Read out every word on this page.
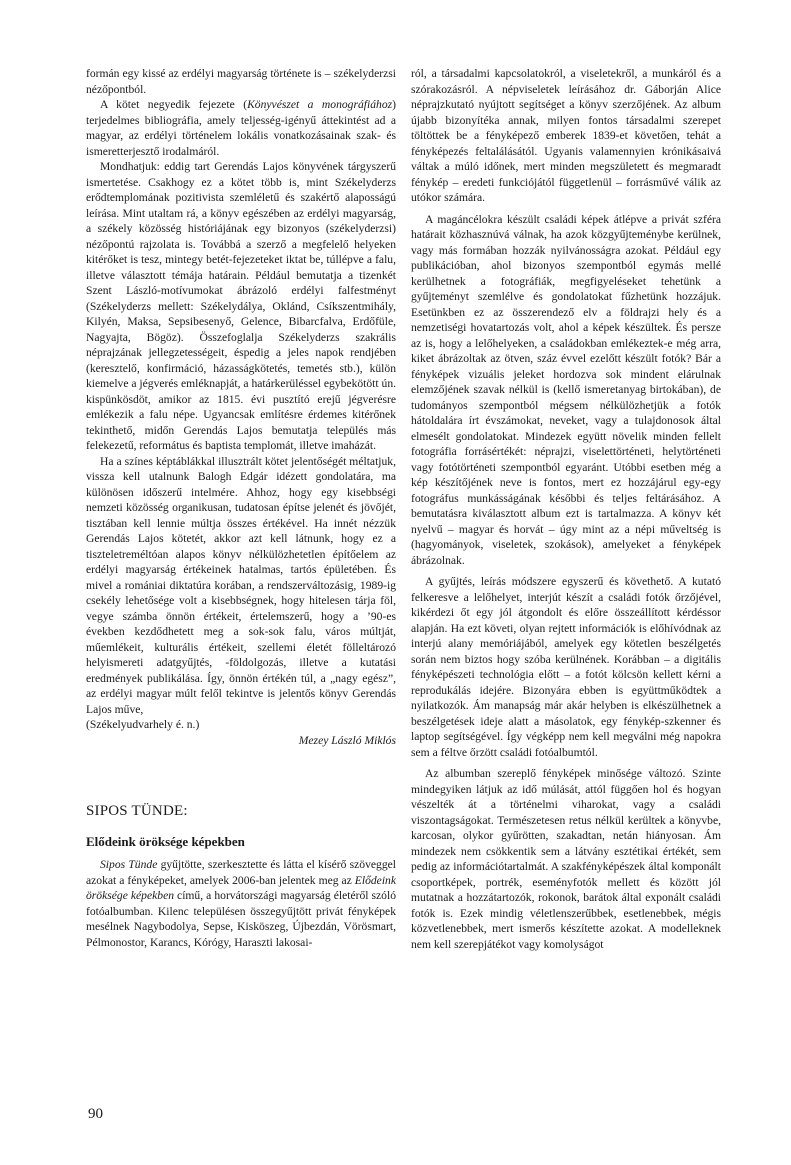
formán egy kissé az erdélyi magyarság története is – székelyderzsi nézőpontból.

A kötet negyedik fejezete (Könyvészet a monográfiához) terjedelmes bibliográfia, amely teljesség-igényű áttekintést ad a magyar, az erdélyi történelem lokális vonatkozásainak szak- és ismeretterjesztő irodalmáról.

Mondhatjuk: eddig tart Gerendás Lajos könyvének tárgyszerű ismertetése. Csakhogy ez a kötet több is, mint Székelyderzs erődtemplomának pozitivista szemléletű és szakértő alaposságú leírása. Mint utaltam rá, a könyv egészében az erdélyi magyarság, a székely közösség históriájának egy bizonyos (székelyderzsi) nézőpontú rajzolata is. Továbbá a szerző a megfelelő helyeken kitérőket is tesz, mintegy betét-fejezeteket iktat be, túllépve a falu, illetve választott témája határain. Például bemutatja a tizenkét Szent László-motívumokat ábrázoló erdélyi falfestményt (Székelyderzs mellett: Székelydálya, Oklánd, Csíkszentmihály, Kilyén, Maksa, Sepsibesenyő, Gelence, Bibarcfalva, Erdőfüle, Nagyajta, Bögöz). Összefoglalja Székelyderzs szakrális néprajzának jellegzetességeit, éspedig a jeles napok rendjében (keresztelő, konfirmáció, házasságkötetés, temetés stb.), külön kiemelve a jégverés emléknapját, a határkerüléssel egybekötött ún. kispünkösdöt, amikor az 1815. évi pusztító erejű jégverésre emlékezik a falu népe. Ugyancsak említésre érdemes kitérőnek tekinthető, midőn Gerendás Lajos bemutatja település más felekezetű, református és baptista templomát, illetve imaházát.

Ha a színes képtáblákkal illusztrált kötet jelentőségét méltatjuk, vissza kell utalnunk Balogh Edgár idézett gondolatára, ma különösen időszerű intelmére. Ahhoz, hogy egy kisebbségi nemzeti közösség organikusan, tudatosan építse jelenét és jövőjét, tisztában kell lennie múltja összes értékével. Ha innét nézzük Gerendás Lajos kötetét, akkor azt kell látnunk, hogy ez a tiszteletreméltóan alapos könyv nélkülözhetetlen építőelem az erdélyi magyarság értékeinek hatalmas, tartós épületében. És mivel a romániai diktatúra korában, a rendszerváltozásig, 1989-ig csekély lehetősége volt a kisebbségnek, hogy hitelesen tárja föl, vegye számba önnön értékeit, értelemszerű, hogy a ’90-es években kezdődhetett meg a sok-sok falu, város múltját, műemlékeit, kulturális értékeit, szellemi életét fölleltározó helyismereti adatgyűjtés, -földolgozás, illetve a kutatási eredmények publikálása. Így, önnön értékén túl, a „nagy egész”, az erdélyi magyar múlt felől tekintve is jelentős könyv Gerendás Lajos műve,

(Székelyudvarhely é. n.)

Mezey László Miklós

SIPOS TÜNDE:
Elődeink öröksége képekben

Sipos Tünde gyűjtötte, szerkesztette és látta el kísérő szöveggel azokat a fényképeket, amelyek 2006-ban jelentek meg az Elődeink öröksége képekben című, a horvátországi magyarság életéről szóló fotóalbumban. Kilenc településen összegyűjtött privát fényképek mesélnek Nagybodolya, Sepse, Kisköszeg, Újbezdán, Vörösmart, Pélmonostor, Karancs, Kórógy, Haraszti lakosai-

ról, a társadalmi kapcsolatokról, a viseletekről, a munkáról és a szórakozásról. A népviseletek leírásához dr. Gáborján Alice néprajzkutató nyújtott segítséget a könyv szerzőjének. Az album újabb bizonyítéka annak, milyen fontos társadalmi szerepet töltöttek be a fényképező emberek 1839-et követően, tehát a fényképezés feltalálásától. Ugyanis valamennyien krónikásaivá váltak a múló időnek, mert minden megszületett és megmaradt fénykép – eredeti funkciójától függetlenül – forrásművé válik az utókor számára.

A magáncélokra készült családi képek átlépve a privát szféra határait közhasznúvá válnak, ha azok közgyűjteménybe kerülnek, vagy más formában hozzák nyilvánosságra azokat. Például egy publikációban, ahol bizonyos szempontból egymás mellé kerülhetnek a fotográfiák, megfigyeléseket tehetünk a gyűjteményt szemlélve és gondolatokat fűzhetünk hozzájuk. Esetünkben ez az összerendező elv a földrajzi hely és a nemzetiségi hovatartozás volt, ahol a képek készültek. És persze az is, hogy a lelőhelyeken, a családokban emlékeztek-e még arra, kiket ábrázoltak az ötven, száz évvel ezelőtt készült fotók? Bár a fényképek vizuális jeleket hordozva sok mindent elárulnak elemzőjének szavak nélkül is (kellő ismeretanyag birtokában), de tudományos szempontból mégsem nélkülözhetjük a fotók hátoldalára írt évszámokat, neveket, vagy a tulajdonosok által elmesélt gondolatokat. Mindezek együtt növelik minden fellelt fotográfia forrásértékét: néprajzi, viselettörténeti, helytörténeti vagy fotótörténeti szempontból egyaránt. Utóbbi esetben még a kép készítőjének neve is fontos, mert ez hozzájárul egy-egy fotográfus munkásságának későbbi és teljes feltárásához. A bemutatásra kiválasztott album ezt is tartalmazza. A könyv két nyelvű – magyar és horvát – úgy mint az a népi műveltség is (hagyományok, viseletek, szokások), amelyeket a fényképek ábrázolnak.

A gyűjtés, leírás módszere egyszerű és követhető. A kutató felkeresve a lelőhelyet, interjút készít a családi fotók őrzőjével, kikérdezi őt egy jól átgondolt és előre összeállított kérdéssor alapján. Ha ezt követi, olyan rejtett információk is előhívódnak az interjú alany memóriájából, amelyek egy kötetlen beszélgetés során nem biztos hogy szóba kerülnének. Korábban – a digitális fényképészeti technológia előtt – a fotót kölcsön kellett kérni a reprodukálás idejére. Bizonyára ebben is együttműködtek a nyilatkozók. Ám manapság már akár helyben is elkészülhetnek a beszélgetések ideje alatt a másolatok, egy fénykép-szkenner és laptop segítségével. Így végképp nem kell megválni még napokra sem a féltve őrzött családi fotóalbumtól.

Az albumban szereplő fényképek minősége változó. Szinte mindegyiken látjuk az idő múlását, attól függően hol és hogyan vészelték át a történelmi viharokat, vagy a családi viszontagságokat. Természetesen retus nélkül kerültek a könyvbe, karcosan, olykor gyűrötten, szakadtan, netán hiányosan. Ám mindezek nem csökkentik sem a látvány esztétikai értékét, sem pedig az információtartalmát. A szakfényképészek által komponált csoportképek, portrék, eseményfotók mellett és között jól mutatnak a hozzátartozók, rokonok, barátok által exponált családi fotók is. Ezek mindig véletlenszerűbbek, esetlenebbek, mégis közvetlenebbek, mert ismerős készítette azokat. A modelleknek nem kell szerepjátékot vagy komolyságot

90
